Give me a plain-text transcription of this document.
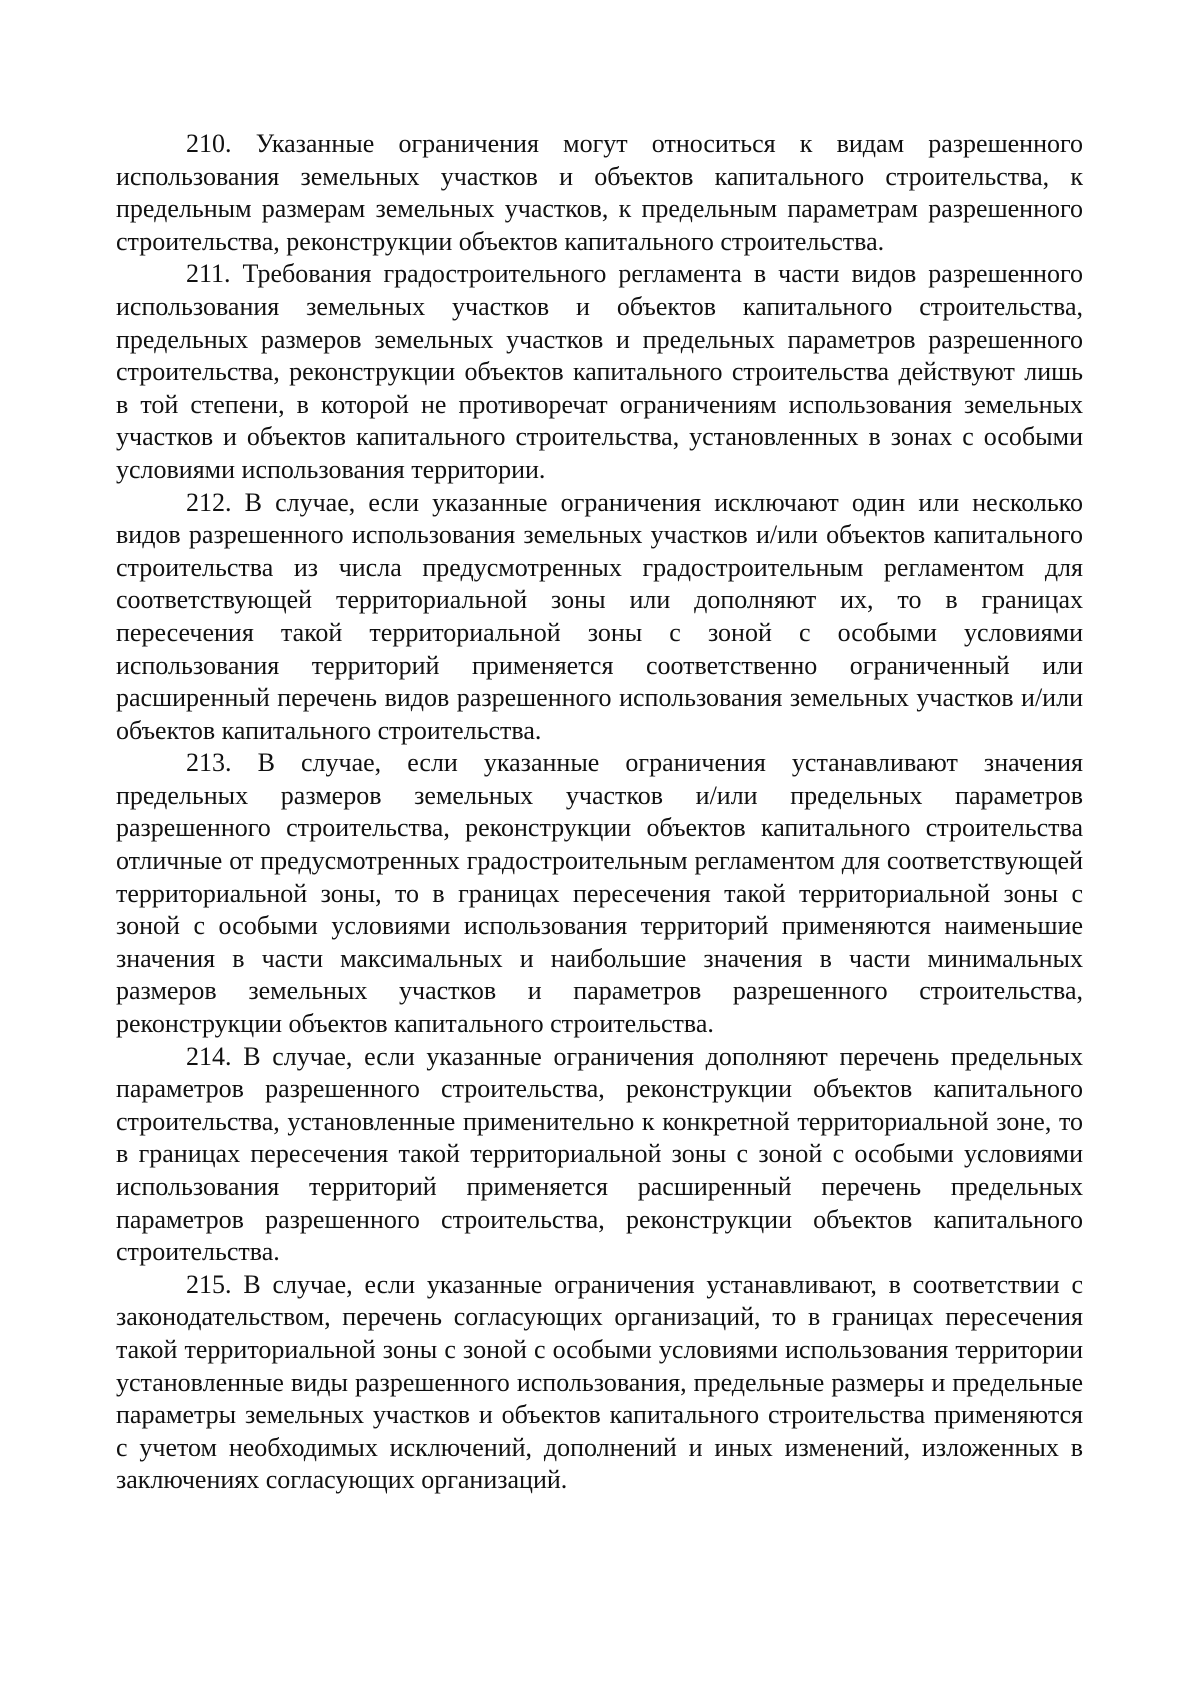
210. Указанные ограничения могут относиться к видам разрешенного использования земельных участков и объектов капитального строительства, к предельным размерам земельных участков, к предельным параметрам разрешенного строительства, реконструкции объектов капитального строительства.

211. Требования градостроительного регламента в части видов разрешенного использования земельных участков и объектов капитального строительства, предельных размеров земельных участков и предельных параметров разрешенного строительства, реконструкции объектов капитального строительства действуют лишь в той степени, в которой не противоречат ограничениям использования земельных участков и объектов капитального строительства, установленных в зонах с особыми условиями использования территории.

212. В случае, если указанные ограничения исключают один или несколько видов разрешенного использования земельных участков и/или объектов капитального строительства из числа предусмотренных градостроительным регламентом для соответствующей территориальной зоны или дополняют их, то в границах пересечения такой территориальной зоны с зоной с особыми условиями использования территорий применяется соответственно ограниченный или расширенный перечень видов разрешенного использования земельных участков и/или объектов капитального строительства.

213. В случае, если указанные ограничения устанавливают значения предельных размеров земельных участков и/или предельных параметров разрешенного строительства, реконструкции объектов капитального строительства отличные от предусмотренных градостроительным регламентом для соответствующей территориальной зоны, то в границах пересечения такой территориальной зоны с зоной с особыми условиями использования территорий применяются наименьшие значения в части максимальных и наибольшие значения в части минимальных размеров земельных участков и параметров разрешенного строительства, реконструкции объектов капитального строительства.

214. В случае, если указанные ограничения дополняют перечень предельных параметров разрешенного строительства, реконструкции объектов капитального строительства, установленные применительно к конкретной территориальной зоне, то в границах пересечения такой территориальной зоны с зоной с особыми условиями использования территорий применяется расширенный перечень предельных параметров разрешенного строительства, реконструкции объектов капитального строительства.

215. В случае, если указанные ограничения устанавливают, в соответствии с законодательством, перечень согласующих организаций, то в границах пересечения такой территориальной зоны с зоной с особыми условиями использования территории установленные виды разрешенного использования, предельные размеры и предельные параметры земельных участков и объектов капитального строительства применяются с учетом необходимых исключений, дополнений и иных изменений, изложенных в заключениях согласующих организаций.
